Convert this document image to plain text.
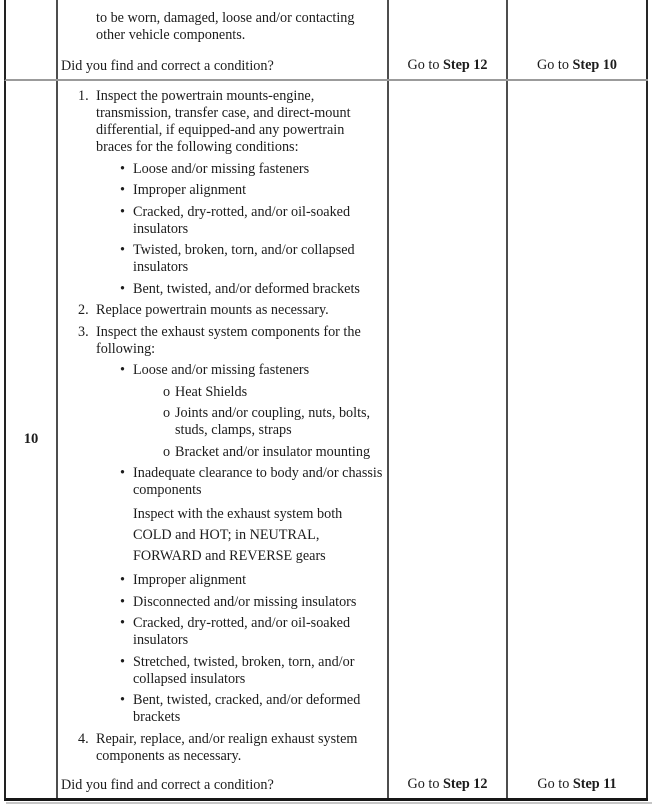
to be worn, damaged, loose and/or contacting
other vehicle components.
Did you find and correct a condition?	Go to Step 12	Go to Step 10
10
1. Inspect the powertrain mounts-engine,
transmission, transfer case, and direct-mount
differential, if equipped-and any powertrain
braces for the following conditions:
• Loose and/or missing fasteners
• Improper alignment
• Cracked, dry-rotted, and/or oil-soaked
insulators
• Twisted, broken, torn, and/or collapsed
insulators
• Bent, twisted, and/or deformed brackets
2. Replace powertrain mounts as necessary.
3. Inspect the exhaust system components for the
following:
• Loose and/or missing fasteners
o Heat Shields
o Joints and/or coupling, nuts, bolts,
studs, clamps, straps
o Bracket and/or insulator mounting
• Inadequate clearance to body and/or chassis
components
Inspect with the exhaust system both
COLD and HOT; in NEUTRAL,
FORWARD and REVERSE gears
• Improper alignment
• Disconnected and/or missing insulators
• Cracked, dry-rotted, and/or oil-soaked
insulators
• Stretched, twisted, broken, torn, and/or
collapsed insulators
• Bent, twisted, cracked, and/or deformed
brackets
4. Repair, replace, and/or realign exhaust system
components as necessary.
Did you find and correct a condition?	Go to Step 12	Go to Step 11
